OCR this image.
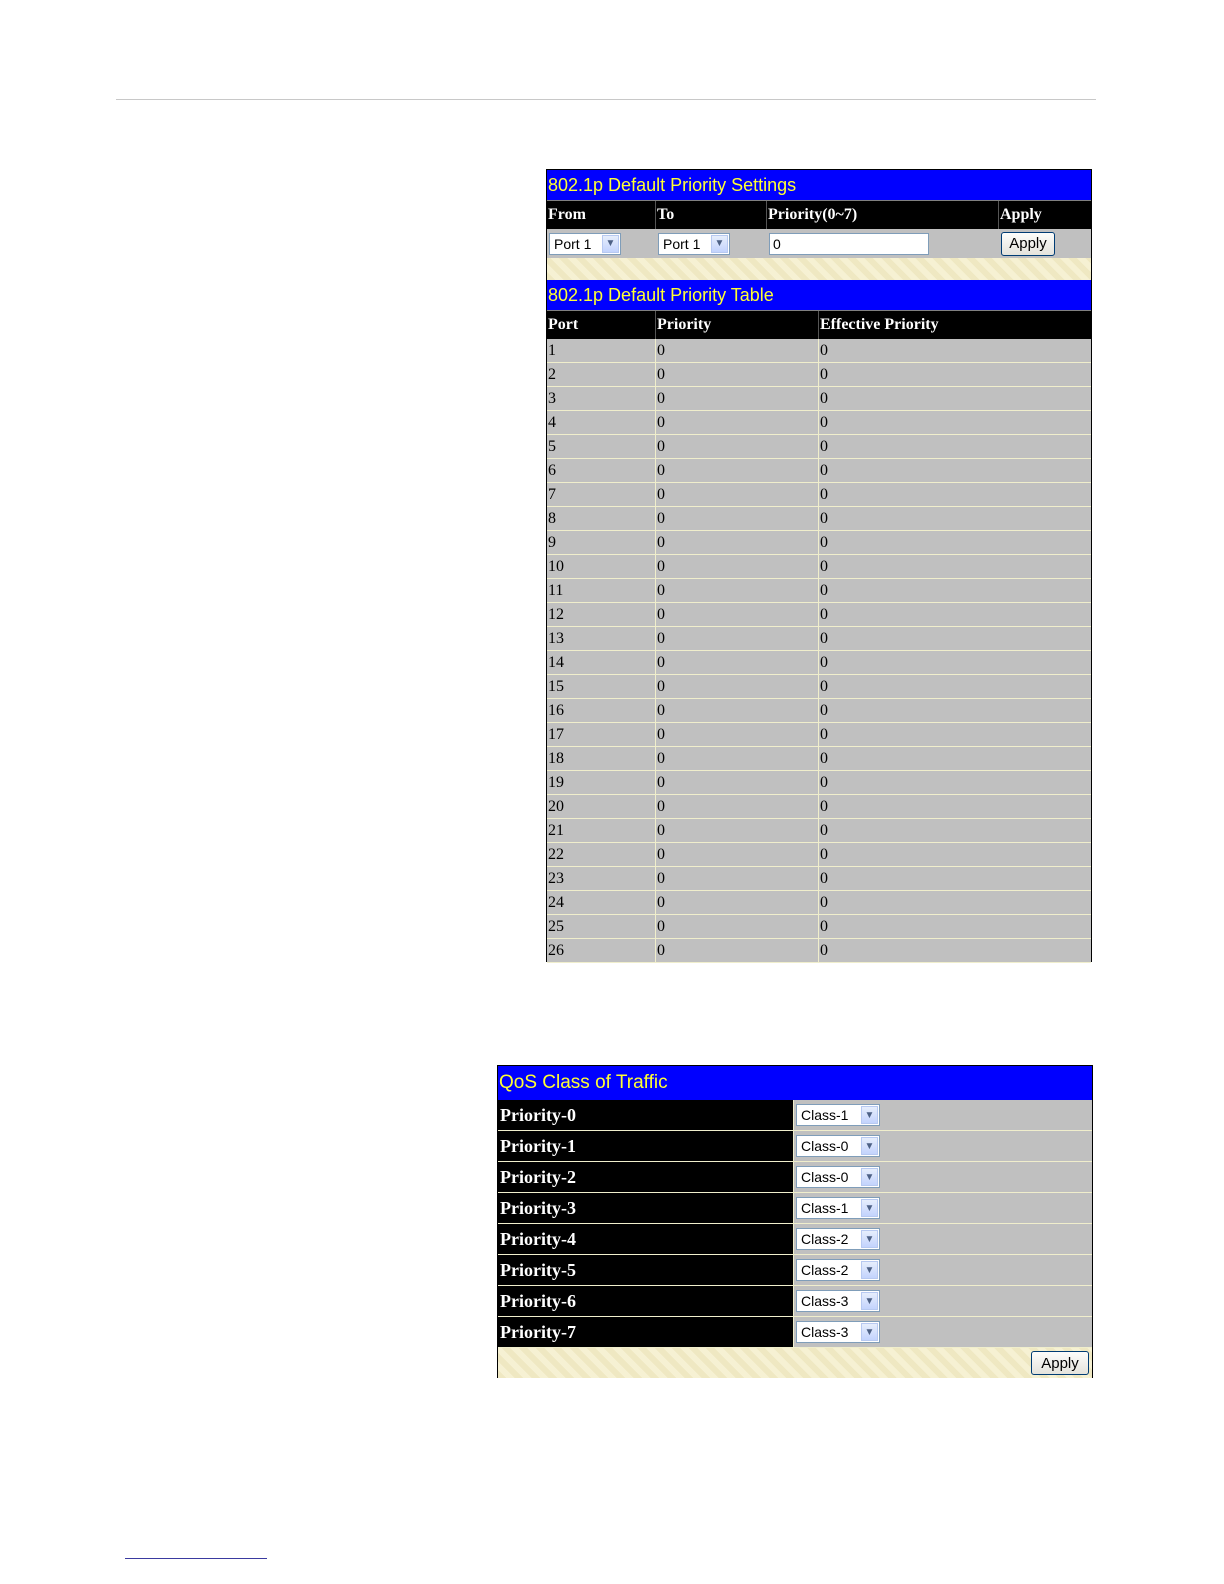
802.1p Default Priority Settings
From	To	Priority(0~7)	Apply
Port 1	▼	Port 1	▼	0	Apply
802.1p Default Priority Table
Port	Priority	Effective Priority
1	0	0
2	0	0
3	0	0
4	0	0
5	0	0
6	0	0
7	0	0
8	0	0
9	0	0
10	0	0
11	0	0
12	0	0
13	0	0
14	0	0
15	0	0
16	0	0
17	0	0
18	0	0
19	0	0
20	0	0
21	0	0
22	0	0
23	0	0
24	0	0
25	0	0
26	0	0
QoS Class of Traffic
Priority-0	Class-1	▼
Priority-1	Class-0	▼
Priority-2	Class-0	▼
Priority-3	Class-1	▼
Priority-4	Class-2	▼
Priority-5	Class-2	▼
Priority-6	Class-3	▼
Priority-7	Class-3	▼
Apply
